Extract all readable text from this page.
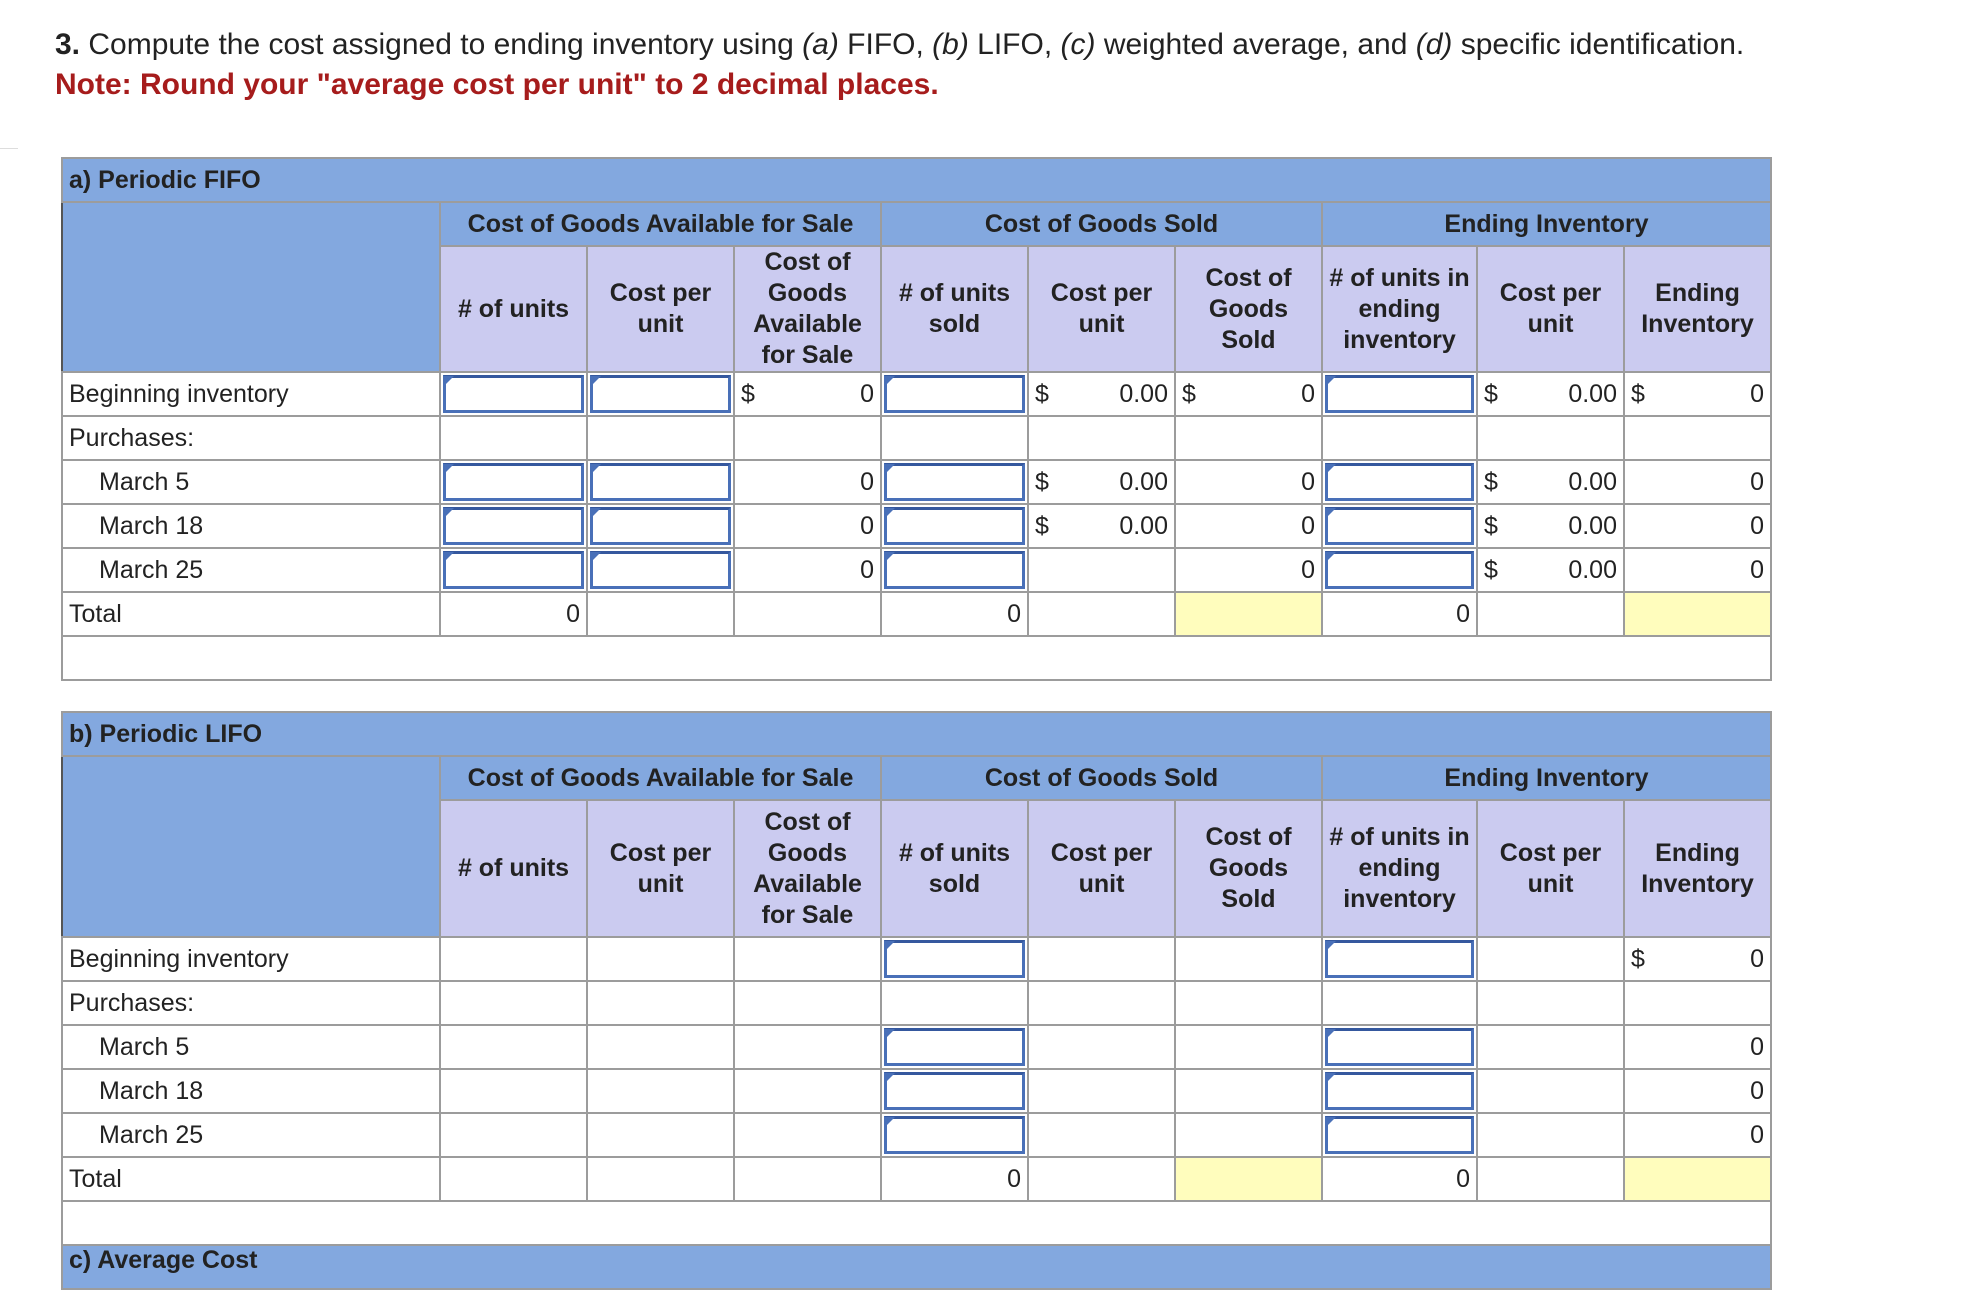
3. Compute the cost assigned to ending inventory using (a) FIFO, (b) LIFO, (c) weighted average, and (d) specific identification.
Note: Round your "average cost per unit" to 2 decimal places.
a) Periodic FIFO									
	Cost of Goods Available for Sale			Cost of Goods Sold			Ending Inventory		
	# of units	Cost per unit	Cost of Goods Available for Sale	# of units sold	Cost per unit	Cost of Goods Sold	# of units in ending inventory	Cost per unit	Ending Inventory
Beginning inventory			$ 0		$ 0.00	$ 0		$ 0.00	$ 0

Purchases:									
March 5			0		$ 0.00	0		$ 0.00	0
March 18			0		$ 0.00	0		$ 0.00	0
March 25			0			0		$ 0.00	0
Total	0			0			0		

b) Periodic LIFO									
	Cost of Goods Available for Sale			Cost of Goods Sold			Ending Inventory		
	# of units	Cost per unit	Cost of Goods Available for Sale	# of units sold	Cost per unit	Cost of Goods Sold	# of units in ending inventory	Cost per unit	Ending Inventory
Beginning inventory									$ 0

Purchases:									
March 5									0
March 18									0
March 25									0
Total				0			0		

c) Average Cost									
